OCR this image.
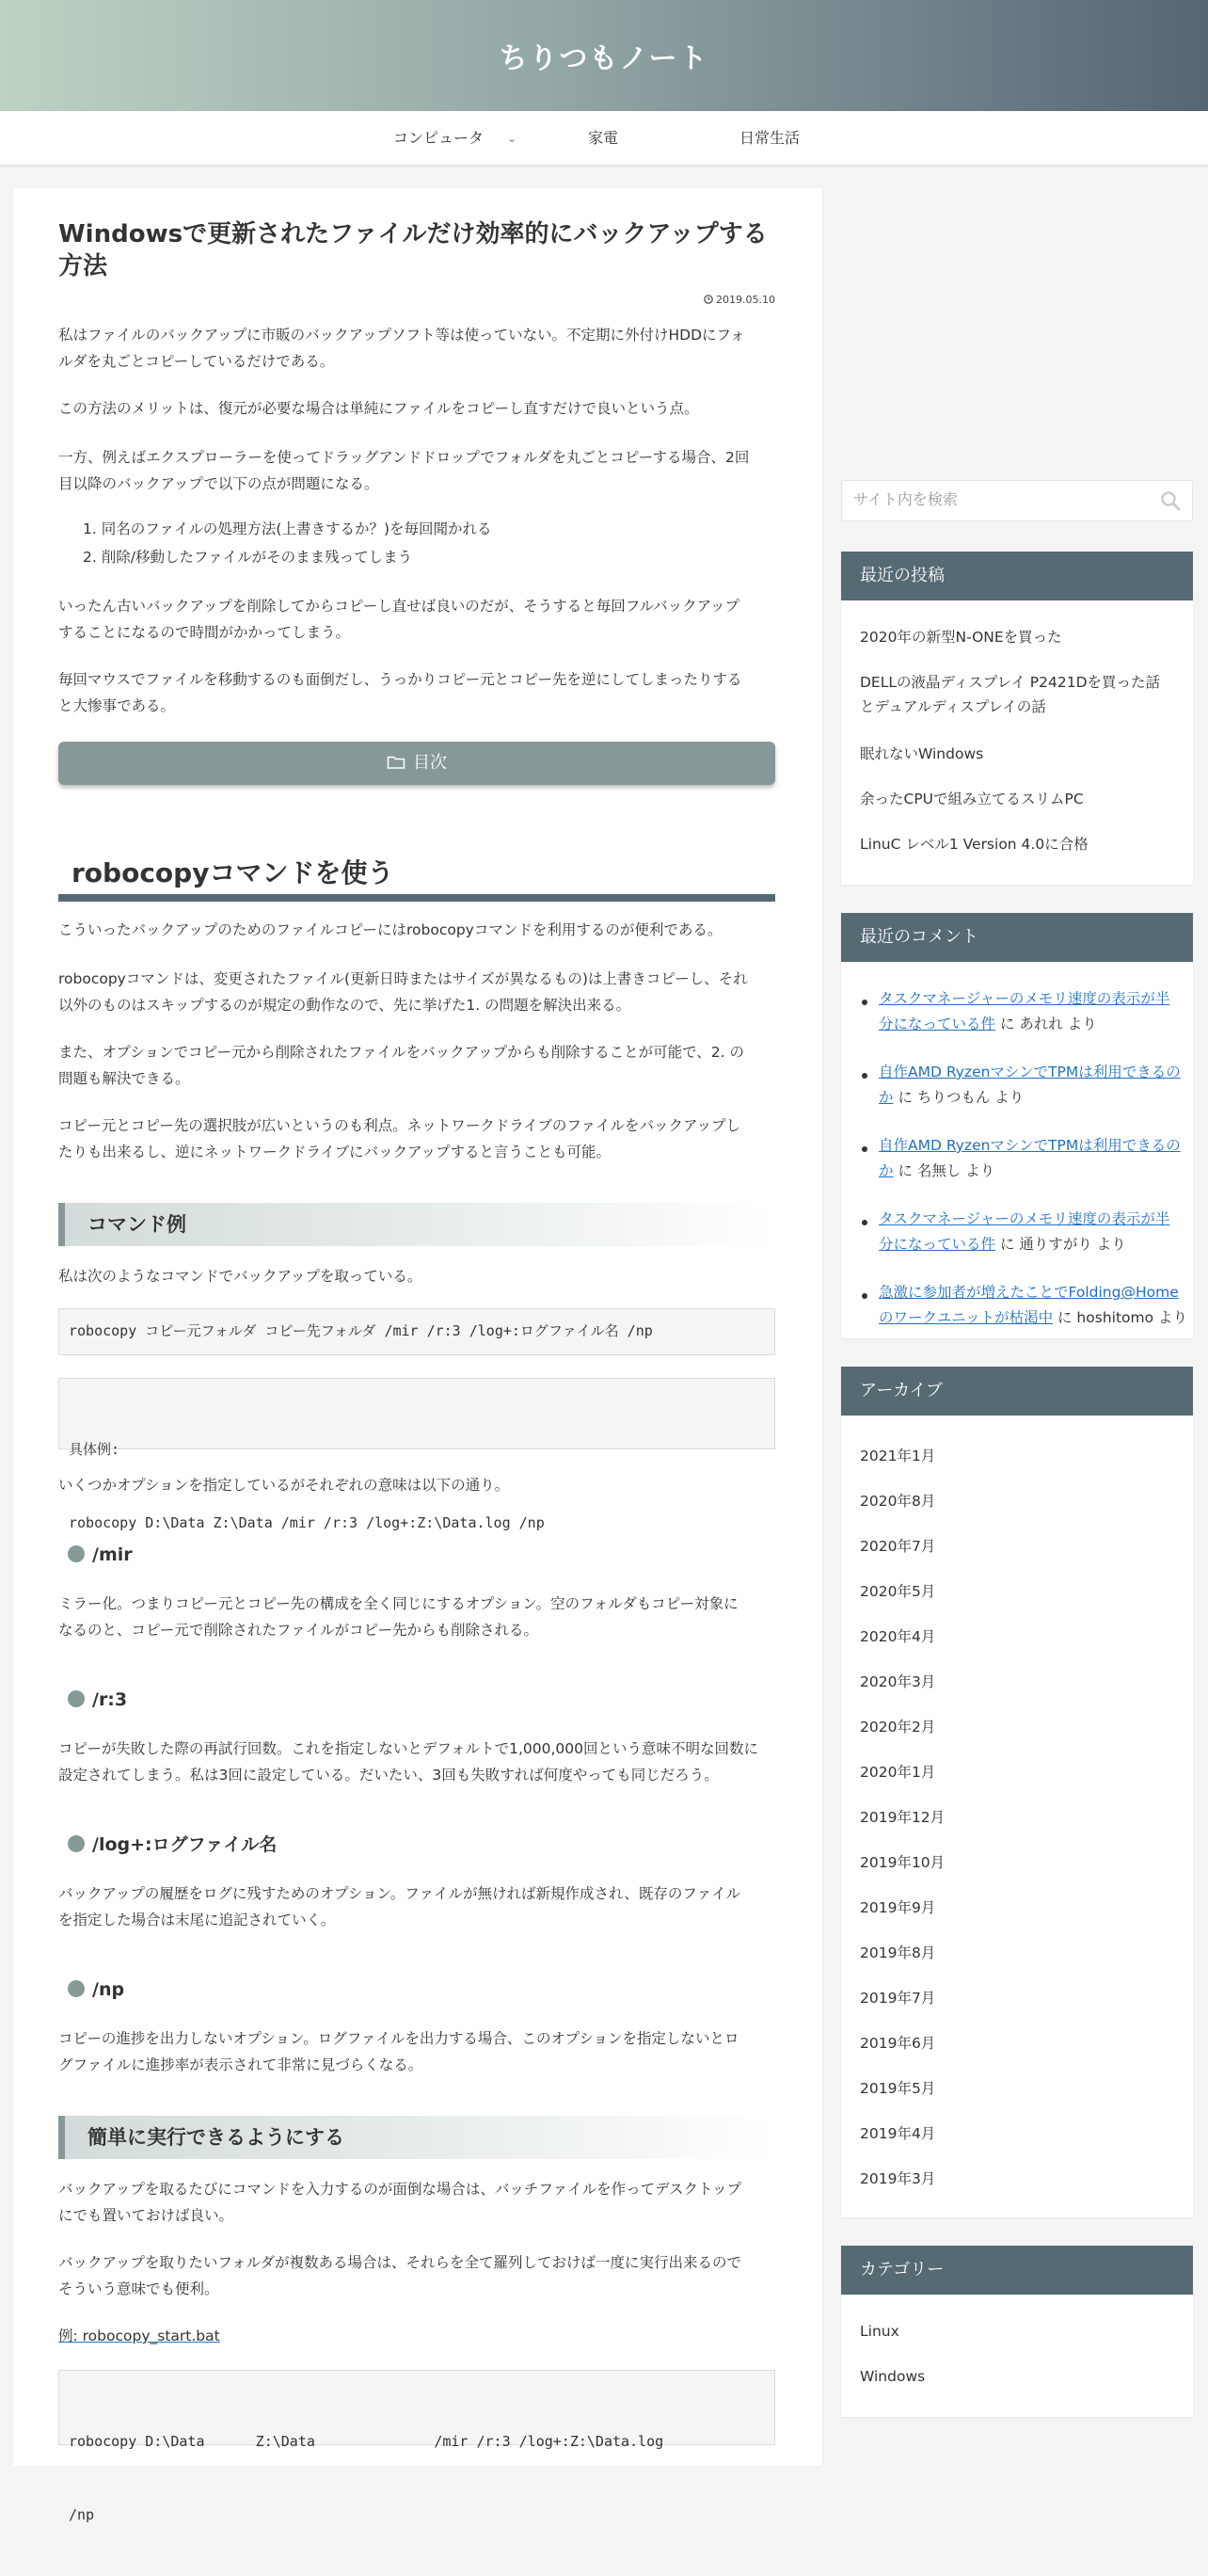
ちりつもノート
コンピュータ ⌄	家電	日常生活
Windowsで更新されたファイルだけ効率的にバックアップする
方法
2019.05.10
私はファイルのバックアップに市販のバックアップソフト等は使っていない。不定期に外付けHDDにフォ
ルダを丸ごとコピーしているだけである。
この方法のメリットは、復元が必要な場合は単純にファイルをコピーし直すだけで良いという点。
一方、例えばエクスプローラーを使ってドラッグアンドドロップでフォルダを丸ごとコピーする場合、2回
目以降のバックアップで以下の点が問題になる。
1. 同名のファイルの処理方法(上書きするか？)を毎回聞かれる
2. 削除/移動したファイルがそのまま残ってしまう
いったん古いバックアップを削除してからコピーし直せば良いのだが、そうすると毎回フルバックアップ
することになるので時間がかかってしまう。
毎回マウスでファイルを移動するのも面倒だし、うっかりコピー元とコピー先を逆にしてしまったりする
と大惨事である。
目次
robocopyコマンドを使う
こういったバックアップのためのファイルコピーにはrobocopyコマンドを利用するのが便利である。
robocopyコマンドは、変更されたファイル(更新日時またはサイズが異なるもの)は上書きコピーし、それ
以外のものはスキップするのが規定の動作なので、先に挙げた1. の問題を解決出来る。
また、オプションでコピー元から削除されたファイルをバックアップからも削除することが可能で、2. の
問題も解決できる。
コピー元とコピー先の選択肢が広いというのも利点。ネットワークドライブのファイルをバックアップし
たりも出来るし、逆にネットワークドライブにバックアップすると言うことも可能。
コマンド例
私は次のようなコマンドでバックアップを取っている。
robocopy コピー元フォルダ コピー先フォルダ /mir /r:3 /log+:ログファイル名 /np

具体例:

robocopy D:\Data Z:\Data /mir /r:3 /log+:Z:\Data.log /np

いくつかオプションを指定しているがそれぞれの意味は以下の通り。
/mir
ミラー化。つまりコピー元とコピー先の構成を全く同じにするオプション。空のフォルダもコピー対象に
なるのと、コピー元で削除されたファイルがコピー先からも削除される。
/r:3
コピーが失敗した際の再試行回数。これを指定しないとデフォルトで1,000,000回という意味不明な回数に
設定されてしまう。私は3回に設定している。だいたい、3回も失敗すれば何度やっても同じだろう。
/log+:ログファイル名
バックアップの履歴をログに残すためのオプション。ファイルが無ければ新規作成され、既存のファイル
を指定した場合は末尾に追記されていく。
/np
コピーの進捗を出力しないオプション。ログファイルを出力する場合、このオプションを指定しないとロ
グファイルに進捗率が表示されて非常に見づらくなる。
簡単に実行できるようにする
バックアップを取るたびにコマンドを入力するのが面倒な場合は、バッチファイルを作ってデスクトップ
にでも置いておけば良い。
バックアップを取りたいフォルダが複数ある場合は、それらを全て羅列しておけば一度に実行出来るので
そういう意味でも便利。
例: robocopy_start.bat

robocopy D:\Data      Z:\Data              /mir /r:3 /log+:Z:\Data.log

/np

サイト内を検索
最近の投稿
2020年の新型N-ONEを買った
DELLの液晶ディスプレイ P2421Dを買った話
とデュアルディスプレイの話
眠れないWindows
余ったCPUで組み立てるスリムPC
LinuC レベル1 Version 4.0に合格
最近のコメント
タスクマネージャーのメモリ速度の表示が半
分になっている件 に あれれ より
自作AMD RyzenマシンでTPMは利用できるの
か に ちりつもん より
自作AMD RyzenマシンでTPMは利用できるの
か に 名無し より
タスクマネージャーのメモリ速度の表示が半
分になっている件 に 通りすがり より
急激に参加者が増えたことでFolding@Home
のワークユニットが枯渇中 に hoshitomo より
アーカイブ
2021年1月
2020年8月
2020年7月
2020年5月
2020年4月
2020年3月
2020年2月
2020年1月
2019年12月
2019年10月
2019年9月
2019年8月
2019年7月
2019年6月
2019年5月
2019年4月
2019年3月
カテゴリー
Linux
Windows
